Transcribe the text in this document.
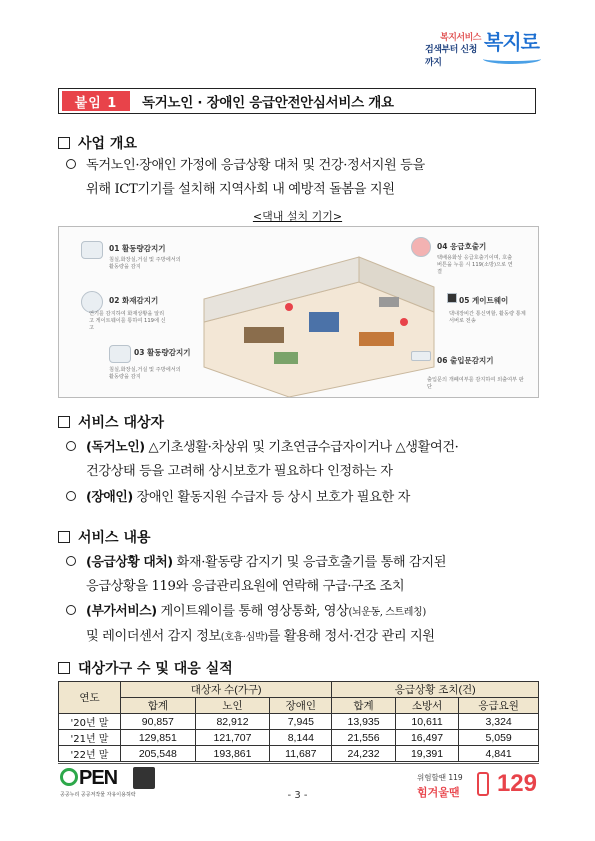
복지서비스
검색부터 신청까지
복지로
붙임 1	독거노인 · 장애인 응급안전안심서비스 개요
사업 개요
독거노인·장애인 가정에 응급상황 대처 및 건강·정서지원 등을
위해 ICT기기를 설치해 지역사회 내 예방적 돌봄을 지원
<댁내 설치 기기>
01 활동량감지기
침실,화장실,거실 및 주방에서의 활동량을 감지
02 화재감지기
연기를 감지하여 화재상황을 알리고 게이트웨이를 통하여 119에 신고
03 활동량감지기
침실,화장실,거실 및 주방에서의 활동량을 감지
04 응급호출기
택배용화상 응급호출기이며, 호출버튼을 누를 시 119(소방)으로 연결
05 게이트웨이
댁내장비간 통신역할, 활동량 통계 서버로 전송
06 출입문감지기
출입문의 개폐여부를 감지하여 외출여부 판단
서비스 대상자
(독거노인) △기초생활·차상위 및 기초연금수급자이거나 △생활여건·
건강상태 등을 고려해 상시보호가 필요하다 인정하는 자
(장애인) 장애인 활동지원 수급자 등 상시 보호가 필요한 자
서비스 내용
(응급상황 대처) 화재·활동량 감지기 및 응급호출기를 통해 감지된
응급상황을 119와 응급관리요원에 연락해 구급·구조 조치
(부가서비스) 게이트웨이를 통해 영상통화, 영상(뇌운동, 스트레칭)
및 레이더센서 감지 정보(호흡·심박)를 활용해 정서·건강 관리 지원
대상가구 수 및 대응 실적
연도	대상자 수(가구)			응급상황 조치(건)		
	합계	노인	장애인	합계	소방서	응급요원
'20년 말	90,857	82,912	7,945	13,935	10,611	3,324
'21년 말	129,851	121,707	8,144	21,556	16,497	5,059
'22년 말	205,548	193,861	11,687	24,232	19,391	4,841
PEN
공공누리 공공저작물 자유이용허락	- 3 -
위험할땐 119
힘겨울땐 129
